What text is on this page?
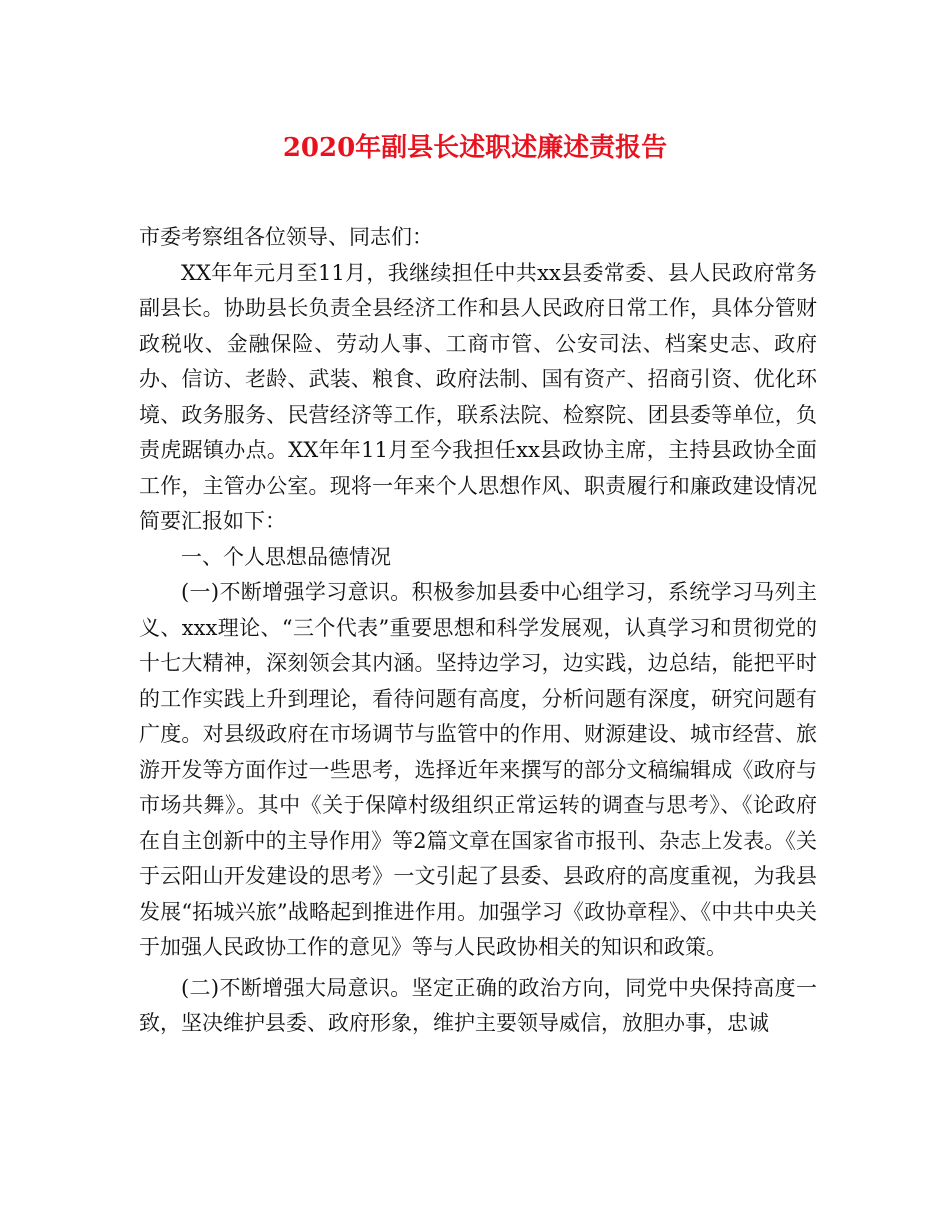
2020年副县长述职述廉述责报告

市委考察组各位领导、同志们：

XX年年元月至11月，我继续担任中共xx县委常委、县人民政府常务副县长。协助县长负责全县经济工作和县人民政府日常工作，具体分管财政税收、金融保险、劳动人事、工商市管、公安司法、档案史志、政府办、信访、老龄、武装、粮食、政府法制、国有资产、招商引资、优化环境、政务服务、民营经济等工作，联系法院、检察院、团县委等单位，负责虎踞镇办点。XX年年11月至今我担任xx县政协主席，主持县政协全面工作，主管办公室。现将一年来个人思想作风、职责履行和廉政建设情况简要汇报如下：

一、个人思想品德情况

(一)不断增强学习意识。积极参加县委中心组学习，系统学习马列主义、xxx理论、“三个代表”重要思想和科学发展观，认真学习和贯彻党的十七大精神，深刻领会其内涵。坚持边学习，边实践，边总结，能把平时的工作实践上升到理论，看待问题有高度，分析问题有深度，研究问题有广度。对县级政府在市场调节与监管中的作用、财源建设、城市经营、旅游开发等方面作过一些思考，选择近年来撰写的部分文稿编辑成《政府与市场共舞》。其中《关于保障村级组织正常运转的调查与思考》、《论政府在自主创新中的主导作用》等2篇文章在国家省市报刊、杂志上发表。《关于云阳山开发建设的思考》一文引起了县委、县政府的高度重视，为我县发展“拓城兴旅”战略起到推进作用。加强学习《政协章程》、《中共中央关于加强人民政协工作的意见》等与人民政协相关的知识和政策。

(二)不断增强大局意识。坚定正确的政治方向，同党中央保持高度一致，坚决维护县委、政府形象，维护主要领导威信，放胆办事，忠诚
